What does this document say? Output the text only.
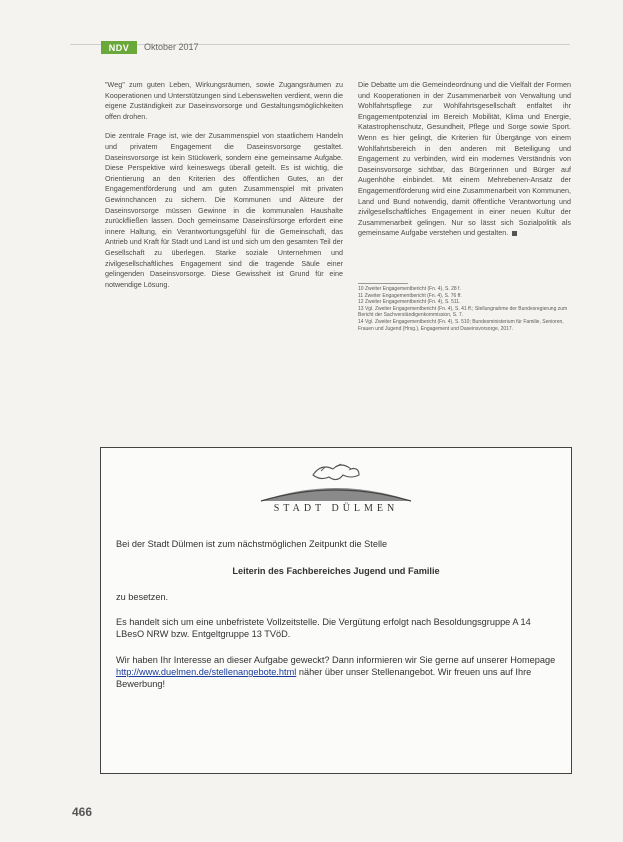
NDV	Oktober 2017

"Weg" zum guten Leben, Wirkungsräumen, sowie Zugangsräumen zu Kooperationen und Unterstützungen sind Lebenswelten verdient, wenn die eigene Zuständigkeit zur Daseinsvorsorge und Gestaltungsmöglichkeiten offen drohen.

Die zentrale Frage ist, wie der Zusammenspiel von staatlichem Handeln und privatem Engagement die Daseinsvorsorge gestaltet. Daseinsvorsorge ist kein Stückwerk, sondern eine gemeinsame Aufgabe. Diese Perspektive wird keineswegs überall geteilt. Es ist wichtig, die Orientierung an den Kriterien des öffentlichen Gutes, an der Engagementförderung und am guten Zusammenspiel mit privaten Gewinnchancen zu sichern. Die Kommunen und Akteure der Daseinsvorsorge müssen Gewinne in die kommunalen Haushalte zurückfließen lassen. Doch gemeinsame Daseinsfürsorge erfordert eine innere Haltung, ein Verantwortungsgefühl für die Gemeinschaft, das Antrieb und Kraft für Stadt und Land ist und sich um den gesamten Teil der Gesellschaft zu überlegen. Starke soziale Unternehmen und zivilgesellschaftliches Engagement sind die tragende Säule einer gelingenden Daseinsvorsorge. Diese Gewissheit ist Grund für eine notwendige Lösung.

Die Debatte um die Gemeindeordnung und die Vielfalt der Formen und Kooperationen in der Zusammenarbeit von Verwaltung und Wohlfahrtspflege zur Wohlfahrtsgesellschaft entfaltet ihr Engagementpotenzial im Bereich Mobilität, Klima und Energie, Katastrophenschutz, Gesundheit, Pflege und Sorge sowie Sport. Wenn es hier gelingt, die Kriterien für Übergänge von einem Wohlfahrtsbereich in den anderen mit Beteiligung und Engagement zu verbinden, wird ein modernes Verständnis von Daseinsvorsorge sichtbar, das Bürgerinnen und Bürger auf Augenhöhe einbindet. Mit einem Mehrebenen-Ansatz der Engagementförderung wird eine Zusammenarbeit von Kommunen, Land und Bund notwendig, damit öffentliche Verantwortung und zivilgesellschaftliches Engagement in einer neuen Kultur der Zusammenarbeit gelingen. Nur so lässt sich Sozialpolitik als gemeinsame Aufgabe verstehen und gestalten.

10 Zweiter Engagementbericht (Fn. 4), S. 28 f.
11 Zweiter Engagementbericht (Fn. 4), S. 76 ff.
12 Zweiter Engagementbericht (Fn. 4), S. 511.
13 Vgl. Zweiter Engagementbericht (Fn. 4), S. 41 ff.; Stellungnahme der Bundesregierung zum Bericht der Sachverständigenkommission, S. 7.
14 Vgl. Zweiter Engagementbericht (Fn. 4), S. 510; Bundesministerium für Familie, Senioren, Frauen und Jugend (Hrsg.), Engagement und Daseinsvorsorge, 2017.
STADT DÜLMEN
Bei der Stadt Dülmen ist zum nächstmöglichen Zeitpunkt die Stelle
Leiterin des Fachbereiches Jugend und Familie
zu besetzen.
Es handelt sich um eine unbefristete Vollzeitstelle. Die Vergütung erfolgt nach Besoldungsgruppe A 14 LBesO NRW bzw. Entgeltgruppe 13 TVöD.
Wir haben Ihr Interesse an dieser Aufgabe geweckt? Dann informieren wir Sie gerne auf unserer Homepage http://www.duelmen.de/stellenangebote.html näher über unser Stellenangebot. Wir freuen uns auf Ihre Bewerbung!
466
